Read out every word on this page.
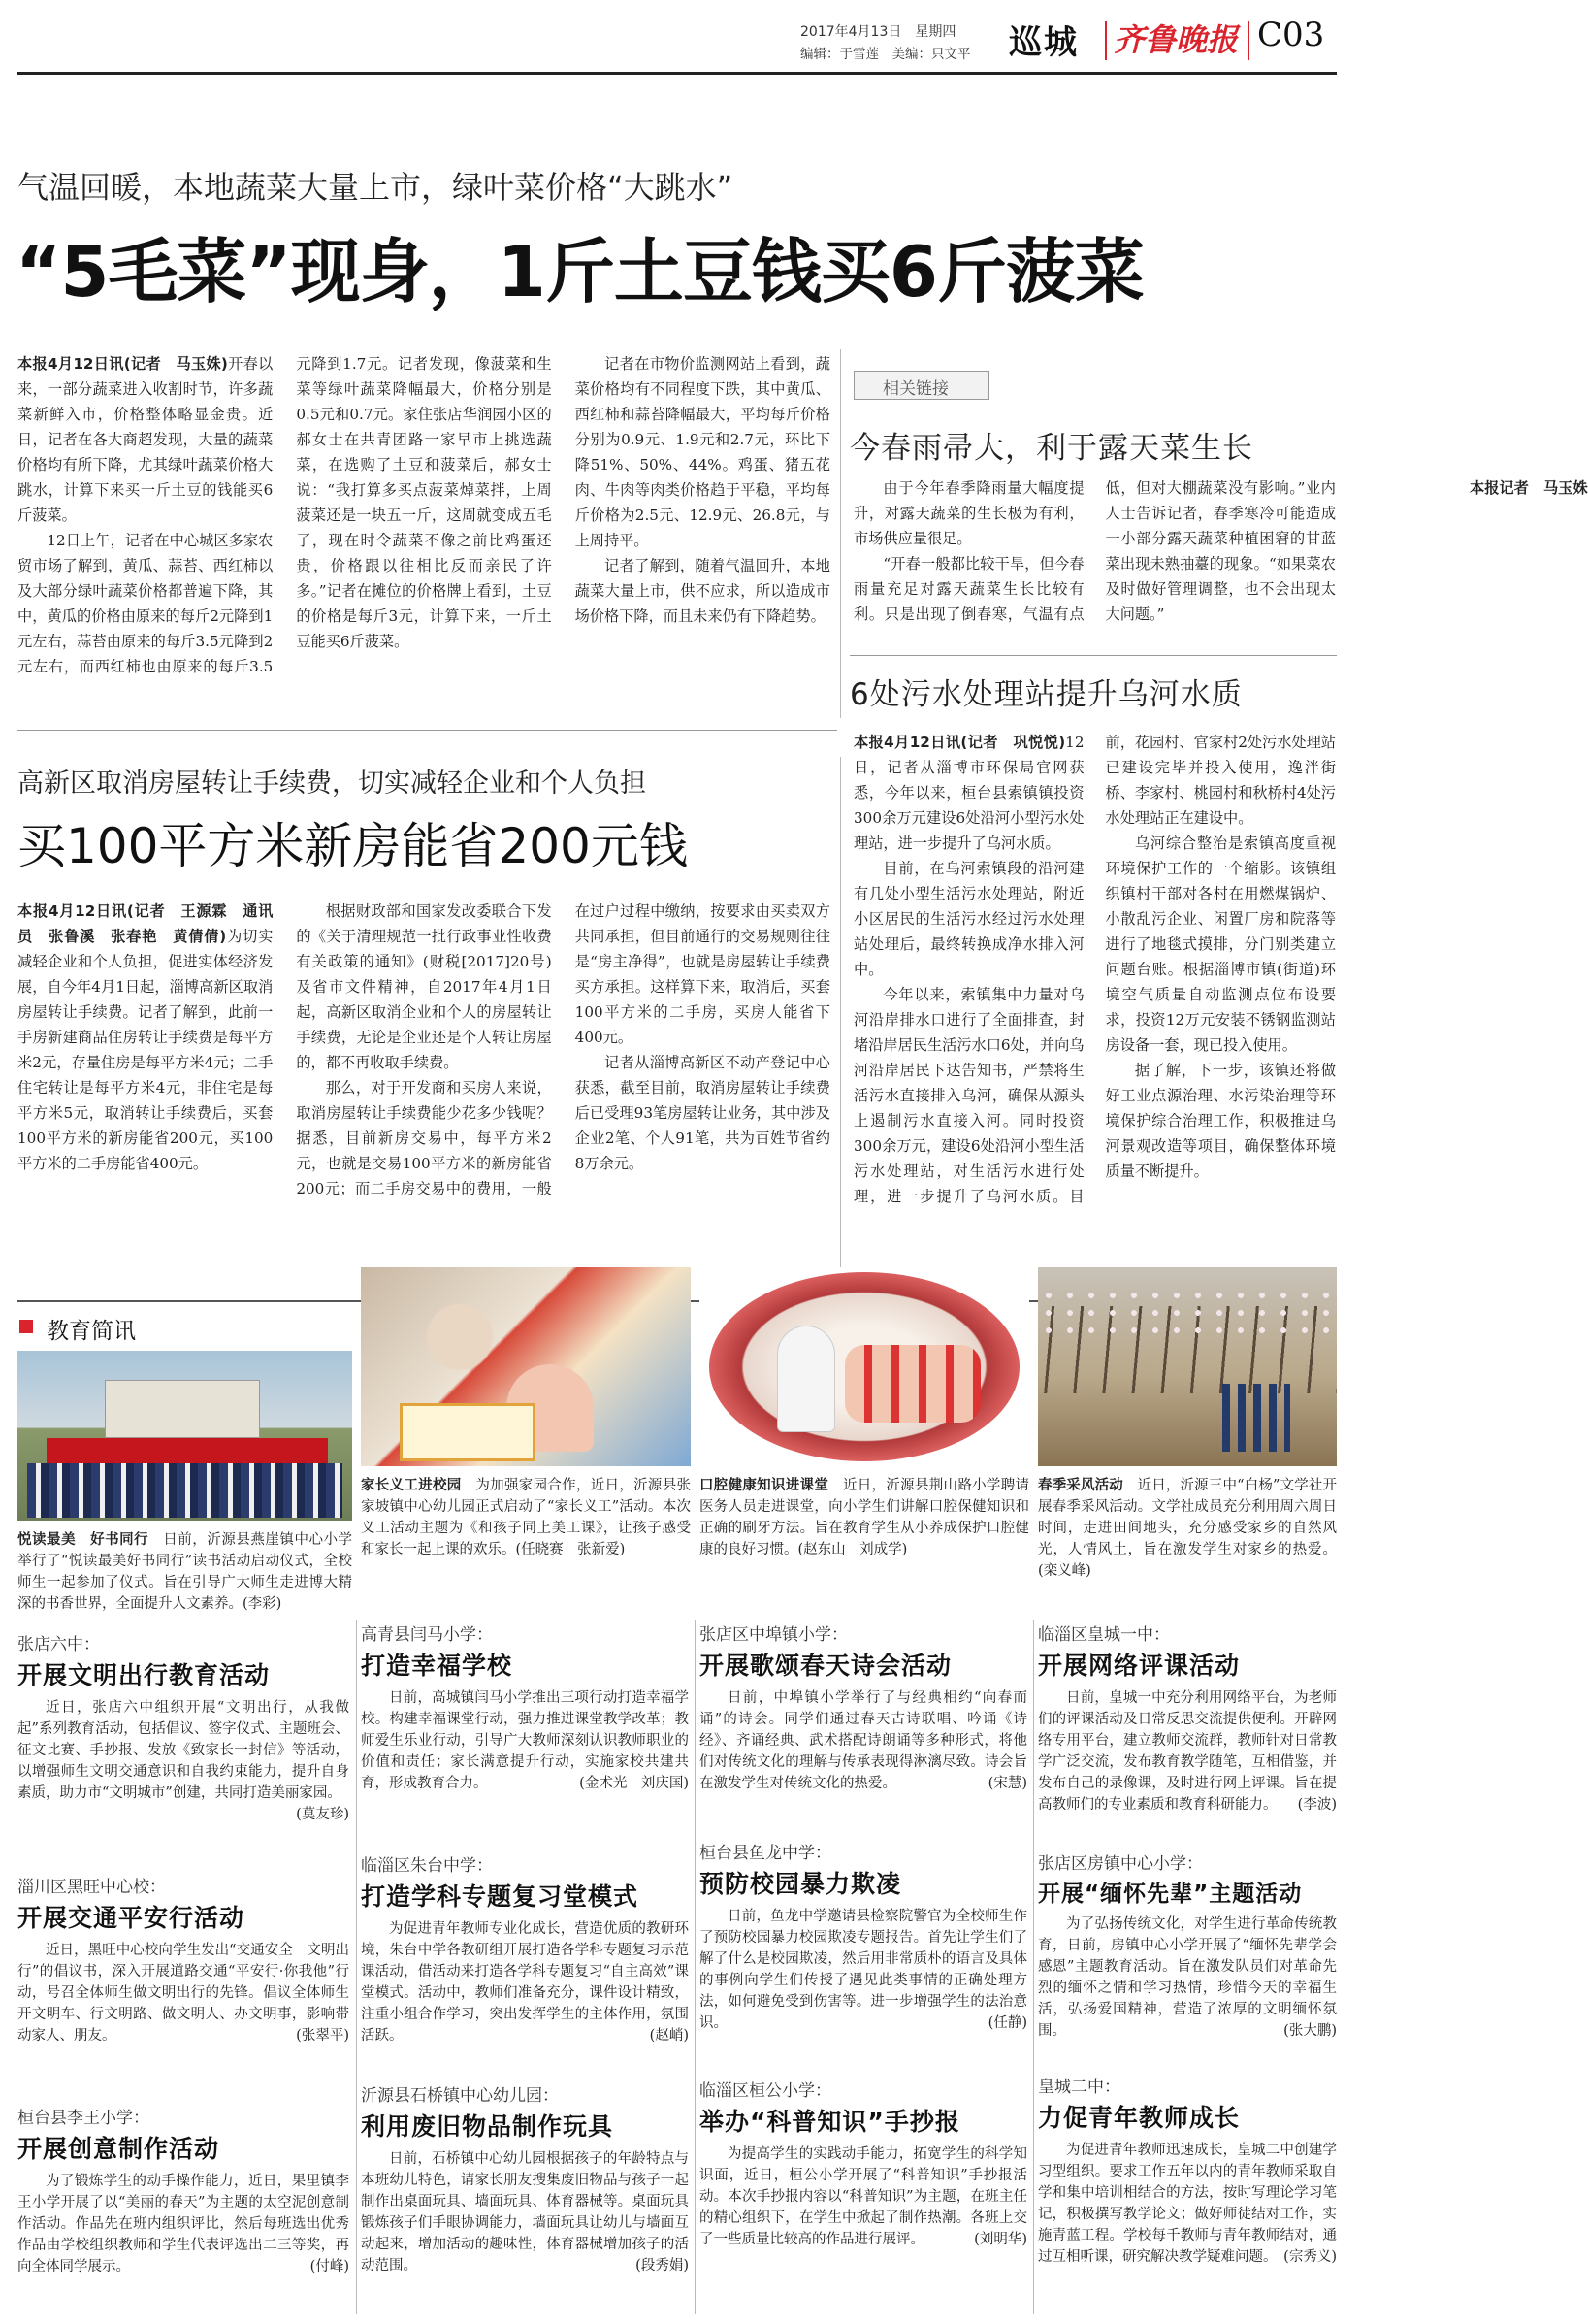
2017年4月13日　星期四
编辑：于雪莲　美编：只文平 巡城 齐鲁晚报 C03
气温回暖，本地蔬菜大量上市，绿叶菜价格“大跳水”
“5毛菜”现身，1斤土豆钱买6斤菠菜

本报4月12日讯(记者　马玉姝)开春以来，一部分蔬菜进入收割时节，许多蔬菜新鲜入市，价格整体略显金贵。近日，记者在各大商超发现，大量的蔬菜价格均有所下降，尤其绿叶蔬菜价格大跳水，计算下来买一斤土豆的钱能买6斤菠菜。

12日上午，记者在中心城区多家农贸市场了解到，黄瓜、蒜苔、西红柿以及大部分绿叶蔬菜价格都普遍下降，其中，黄瓜的价格由原来的每斤2元降到1元左右，蒜苔由原来的每斤3.5元降到2元左右，而西红柿也由原来的每斤3.5元降到1.7元。记者发现，像菠菜和生菜等绿叶蔬菜降幅最大，价格分别是0.5元和0.7元。家住张店华润园小区的郝女士在共青团路一家早市上挑选蔬菜，在选购了土豆和菠菜后，郝女士说：“我打算多买点菠菜焯菜拌，上周菠菜还是一块五一斤，这周就变成五毛了，现在时令蔬菜不像之前比鸡蛋还贵，价格跟以往相比反而亲民了许多。”记者在摊位的价格牌上看到，土豆的价格是每斤3元，计算下来，一斤土豆能买6斤菠菜。

记者在市物价监测网站上看到，蔬菜价格均有不同程度下跌，其中黄瓜、西红柿和蒜苔降幅最大，平均每斤价格分别为0.9元、1.9元和2.7元，环比下降51%、50%、44%。鸡蛋、猪五花肉、牛肉等肉类价格趋于平稳，平均每斤价格为2.5元、12.9元、26.8元，与上周持平。

记者了解到，随着气温回升，本地蔬菜大量上市，供不应求，所以造成市场价格下降，而且未来仍有下降趋势。

相关链接
今春雨帚大，利于露天菜生长

由于今年春季降雨量大幅度提升，对露天蔬菜的生长极为有利，市场供应量很足。

“开春一般都比较干旱，但今春雨量充足对露天蔬菜生长比较有利。只是出现了倒春寒，气温有点低，但对大棚蔬菜没有影响。”业内人士告诉记者，春季寒冷可能造成一小部分露天蔬菜种植困窘的甘蓝菜出现未熟抽薹的现象。“如果菜农及时做好管理调整，也不会出现太大问题。”

本报记者　马玉姝

6处污水处理站提升乌河水质

本报4月12日讯(记者　巩悦悦)12日，记者从淄博市环保局官网获悉，今年以来，桓台县索镇镇投资300余万元建设6处沿河小型污水处理站，进一步提升了乌河水质。

目前，在乌河索镇段的沿河建有几处小型生活污水处理站，附近小区居民的生活污水经过污水处理站处理后，最终转换成净水排入河中。

今年以来，索镇集中力量对乌河沿岸排水口进行了全面排查，封堵沿岸居民生活污水口6处，并向乌河沿岸居民下达告知书，严禁将生活污水直接排入乌河，确保从源头上遏制污水直接入河。同时投资300余万元，建设6处沿河小型生活污水处理站，对生活污水进行处理，进一步提升了乌河水质。目前，花园村、官家村2处污水处理站已建设完毕并投入使用，逸泮街桥、李家村、桃园村和秋桥村4处污水处理站正在建设中。

乌河综合整治是索镇高度重视环境保护工作的一个缩影。该镇组织镇村干部对各村在用燃煤锅炉、小散乱污企业、闲置厂房和院落等进行了地毯式摸排，分门别类建立问题台账。根据淄博市镇(街道)环境空气质量自动监测点位布设要求，投资12万元安装不锈钢监测站房设备一套，现已投入使用。

据了解，下一步，该镇还将做好工业点源治理、水污染治理等环境保护综合治理工作，积极推进乌河景观改造等项目，确保整体环境质量不断提升。

高新区取消房屋转让手续费，切实减轻企业和个人负担
买100平方米新房能省200元钱

本报4月12日讯(记者　王源霖　通讯员　张鲁溪　张春艳　黄倩倩)为切实减轻企业和个人负担，促进实体经济发展，自今年4月1日起，淄博高新区取消房屋转让手续费。记者了解到，此前一手房新建商品住房转让手续费是每平方米2元，存量住房是每平方米4元；二手住宅转让是每平方米4元，非住宅是每平方米5元，取消转让手续费后，买套100平方米的新房能省200元，买100平方米的二手房能省400元。

根据财政部和国家发改委联合下发的《关于清理规范一批行政事业性收费有关政策的通知》(财税[2017]20号)及省市文件精神，自2017年4月1日起，高新区取消企业和个人的房屋转让手续费，无论是企业还是个人转让房屋的，都不再收取手续费。

那么，对于开发商和买房人来说，取消房屋转让手续费能少花多少钱呢？据悉，目前新房交易中，每平方米2元，也就是交易100平方米的新房能省200元；而二手房交易中的费用，一般在过户过程中缴纳，按要求由买卖双方共同承担，但目前通行的交易规则往往是“房主净得”，也就是房屋转让手续费买方承担。这样算下来，取消后，买套100平方米的二手房，买房人能省下400元。

记者从淄博高新区不动产登记中心获悉，截至目前，取消房屋转让手续费后已受理93笔房屋转让业务，其中涉及企业2笔、个人91笔，共为百姓节省约8万余元。

教育简讯
悦读最美　好书同行　 日前，沂源县燕崖镇中心小学举行了“悦读最美好书同行”读书活动启动仪式，全校师生一起参加了仪式。旨在引导广大师生走进博大精深的书香世界，全面提升人文素养。(李彩)
家长义工进校园　 为加强家园合作，近日，沂源县张家坡镇中心幼儿园正式启动了“家长义工”活动。本次义工活动主题为《和孩子同上美工课》，让孩子感受和家长一起上课的欢乐。(任晓赛　张新爱)
口腔健康知识进课堂　 近日，沂源县荆山路小学聘请医务人员走进课堂，向小学生们讲解口腔保健知识和正确的刷牙方法。旨在教育学生从小养成保护口腔健康的良好习惯。(赵东山　刘成学)
春季采风活动　 近日，沂源三中“白杨”文学社开展春季采风活动。文学社成员充分利用周六周日时间，走进田间地头，充分感受家乡的自然风光，人情风土，旨在激发学生对家乡的热爱。(栾义峰)
张店六中：
开展文明出行教育活动
近日，张店六中组织开展“文明出行，从我做起”系列教育活动，包括倡议、签字仪式、主题班会、征文比赛、手抄报、发放《致家长一封信》等活动，以增强师生文明交通意识和自我约束能力，提升自身素质，助力市“文明城市”创建，共同打造美丽家园。
(莫友珍)
淄川区黑旺中心校：
开展交通平安行活动
近日，黑旺中心校向学生发出“交通安全　文明出行”的倡议书，深入开展道路交通“平安行·你我他”行动，号召全体师生做文明出行的先锋。倡议全体师生开文明车、行文明路、做文明人、办文明事，影响带动家人、朋友。	(张翠平)
桓台县李王小学：
开展创意制作活动
为了锻炼学生的动手操作能力，近日，果里镇李王小学开展了以“美丽的春天”为主题的太空泥创意制作活动。作品先在班内组织评比，然后每班选出优秀作品由学校组织教师和学生代表评选出二三等奖，再向全体同学展示。	(付峰)
高青县闫马小学：
打造幸福学校
日前，高城镇闫马小学推出三项行动打造幸福学校。构建幸福课堂行动，强力推进课堂教学改革；教师爱生乐业行动，引导广大教师深刻认识教师职业的价值和责任；家长满意提升行动，实施家校共建共育，形成教育合力。	(金术光　刘庆国)
临淄区朱台中学：
打造学科专题复习堂模式
为促进青年教师专业化成长，营造优质的教研环境，朱台中学各教研组开展打造各学科专题复习示范课活动，借活动来打造各学科专题复习“自主高效”课堂模式。活动中，教师们准备充分，课件设计精致，注重小组合作学习，突出发挥学生的主体作用，氛围活跃。	(赵峭)
沂源县石桥镇中心幼儿园：
利用废旧物品制作玩具
日前，石桥镇中心幼儿园根据孩子的年龄特点与本班幼儿特色，请家长朋友搜集废旧物品与孩子一起制作出桌面玩具、墙面玩具、体育器械等。桌面玩具锻炼孩子们手眼协调能力，墙面玩具让幼儿与墙面互动起来，增加活动的趣味性，体育器械增加孩子的活动范围。	(段秀娟)
张店区中埠镇小学：
开展歌颂春天诗会活动
日前，中埠镇小学举行了与经典相约“向春而诵”的诗会。同学们通过春天古诗联唱、吟诵《诗经》、齐诵经典、武术搭配诗朗诵等多种形式，将他们对传统文化的理解与传承表现得淋漓尽致。诗会旨在激发学生对传统文化的热爱。	(宋慧)
桓台县鱼龙中学：
预防校园暴力欺凌
日前，鱼龙中学邀请县检察院警官为全校师生作了预防校园暴力校园欺凌专题报告。首先让学生们了解了什么是校园欺凌，然后用非常质朴的语言及具体的事例向学生们传授了遇见此类事情的正确处理方法，如何避免受到伤害等。进一步增强学生的法治意识。	(任静)
临淄区桓公小学：
举办“科普知识”手抄报
为提高学生的实践动手能力，拓宽学生的科学知识面，近日，桓公小学开展了“科普知识”手抄报活动。本次手抄报内容以“科普知识”为主题，在班主任的精心组织下，在学生中掀起了制作热潮。各班上交了一些质量比较高的作品进行展评。	(刘明华)
临淄区皇城一中：
开展网络评课活动
日前，皇城一中充分利用网络平台，为老师们的评课活动及日常反思交流提供便利。开辟网络专用平台，建立教师交流群，教师针对日常教学广泛交流，发布教育教学随笔，互相借鉴，并发布自己的录像课，及时进行网上评课。旨在提高教师们的专业素质和教育科研能力。 (李波)
张店区房镇中心小学：
开展“缅怀先辈”主题活动
为了弘扬传统文化，对学生进行革命传统教育，日前，房镇中心小学开展了“缅怀先辈学会感恩”主题教育活动。旨在激发队员们对革命先烈的缅怀之情和学习热情，珍惜今天的幸福生活，弘扬爱国精神，营造了浓厚的文明缅怀氛围。	(张大鹏)
皇城二中：
力促青年教师成长
为促进青年教师迅速成长，皇城二中创建学习型组织。要求工作五年以内的青年教师采取自学和集中培训相结合的方法，按时写理论学习笔记，积极撰写教学论文；做好师徒结对工作，实施青蓝工程。学校每千教师与青年教师结对，通过互相听课，研究解决教学疑难问题。 (宗秀义)
